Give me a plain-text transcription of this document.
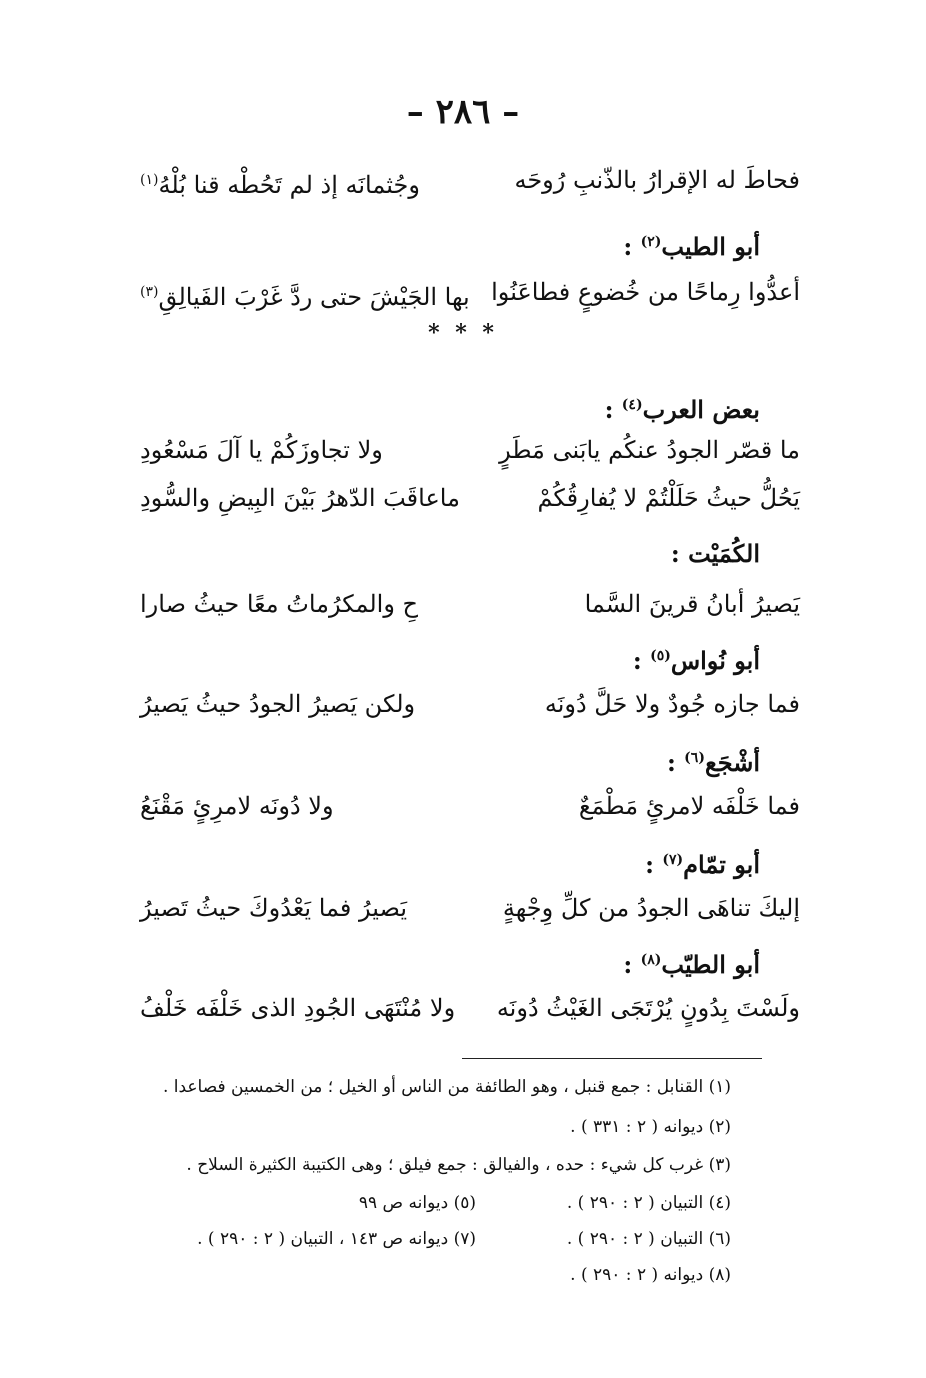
– ٢٨٦ –
فحاطَ له الإقرارُ بالذّنبِ رُوحَه
وجُثمانَه إذ لم تَحُطْه قنا بُلْهُ$^{(١)}$
أبو الطيب$^{(٢)}$ :
أعدُّوا رِماحًا من خُضوعٍ فطاعَنُوا
بها الجَيْشَ حتى ردَّ غَرْبَ الفَيالِقِ$^{(٣)}$
* * *
بعض العرب$^{(٤)}$ :
ما قصّر الجودُ عنكُم يابَنى مَطَرٍ
ولا تجاوزَكُمْ يا آلَ مَسْعُودِ
يَحُلُّ حيثُ حَلَلْتُمْ لا يُفارِقُكُمْ
ماعاقَبَ الدّهرُ بَيْنَ البِيضِ والسُّودِ
الكُمَيْت :
يَصيرُ أبانُ قرينَ السَّما
حِ والمكرُماتُ معًا حيثُ صارا
أبو نُواس$^{(٥)}$ :
فما جازه جُودٌ ولا حَلَّ دُونَه
ولكن يَصيرُ الجودُ حيثُ يَصيرُ
أشْجَع$^{(٦)}$ :
فما خَلْفَه لامرئٍ مَطْمَعٌ
ولا دُونَه لامرِئٍ مَقْنَعُ
أبو تمّام$^{(٧)}$ :
إليكَ تناهَى الجودُ من كلِّ وِجْهةٍ
يَصيرُ فما يَعْدُوكَ حيثُ تَصيرُ
أبو الطيّب$^{(٨)}$ :
ولَسْتَ بِدُونٍ يُرْتَجَى الغَيْثُ دُونَه
ولا مُنْتَهَى الجُودِ الذى خَلْفَه خَلْفُ
(١) القنابل : جمع قنبل ، وهو الطائفة من الناس أو الخيل ؛ من الخمسين فصاعدا .
(٢) ديوانه ( ٢ : ٣٣١ ) .
(٣) غرب كل شيء : حده ، والفيالق : جمع فيلق ؛ وهى الكتيبة الكثيرة السلاح .
(٤) التبيان ( ٢ : ٢٩٠ ) .
(٥) ديوانه ص ٩٩
(٦) التبيان ( ٢ : ٢٩٠ ) .
(٧) ديوانه ص ١٤٣ ، التبيان ( ٢ : ٢٩٠ ) .
(٨) ديوانه ( ٢ : ٢٩٠ ) .
